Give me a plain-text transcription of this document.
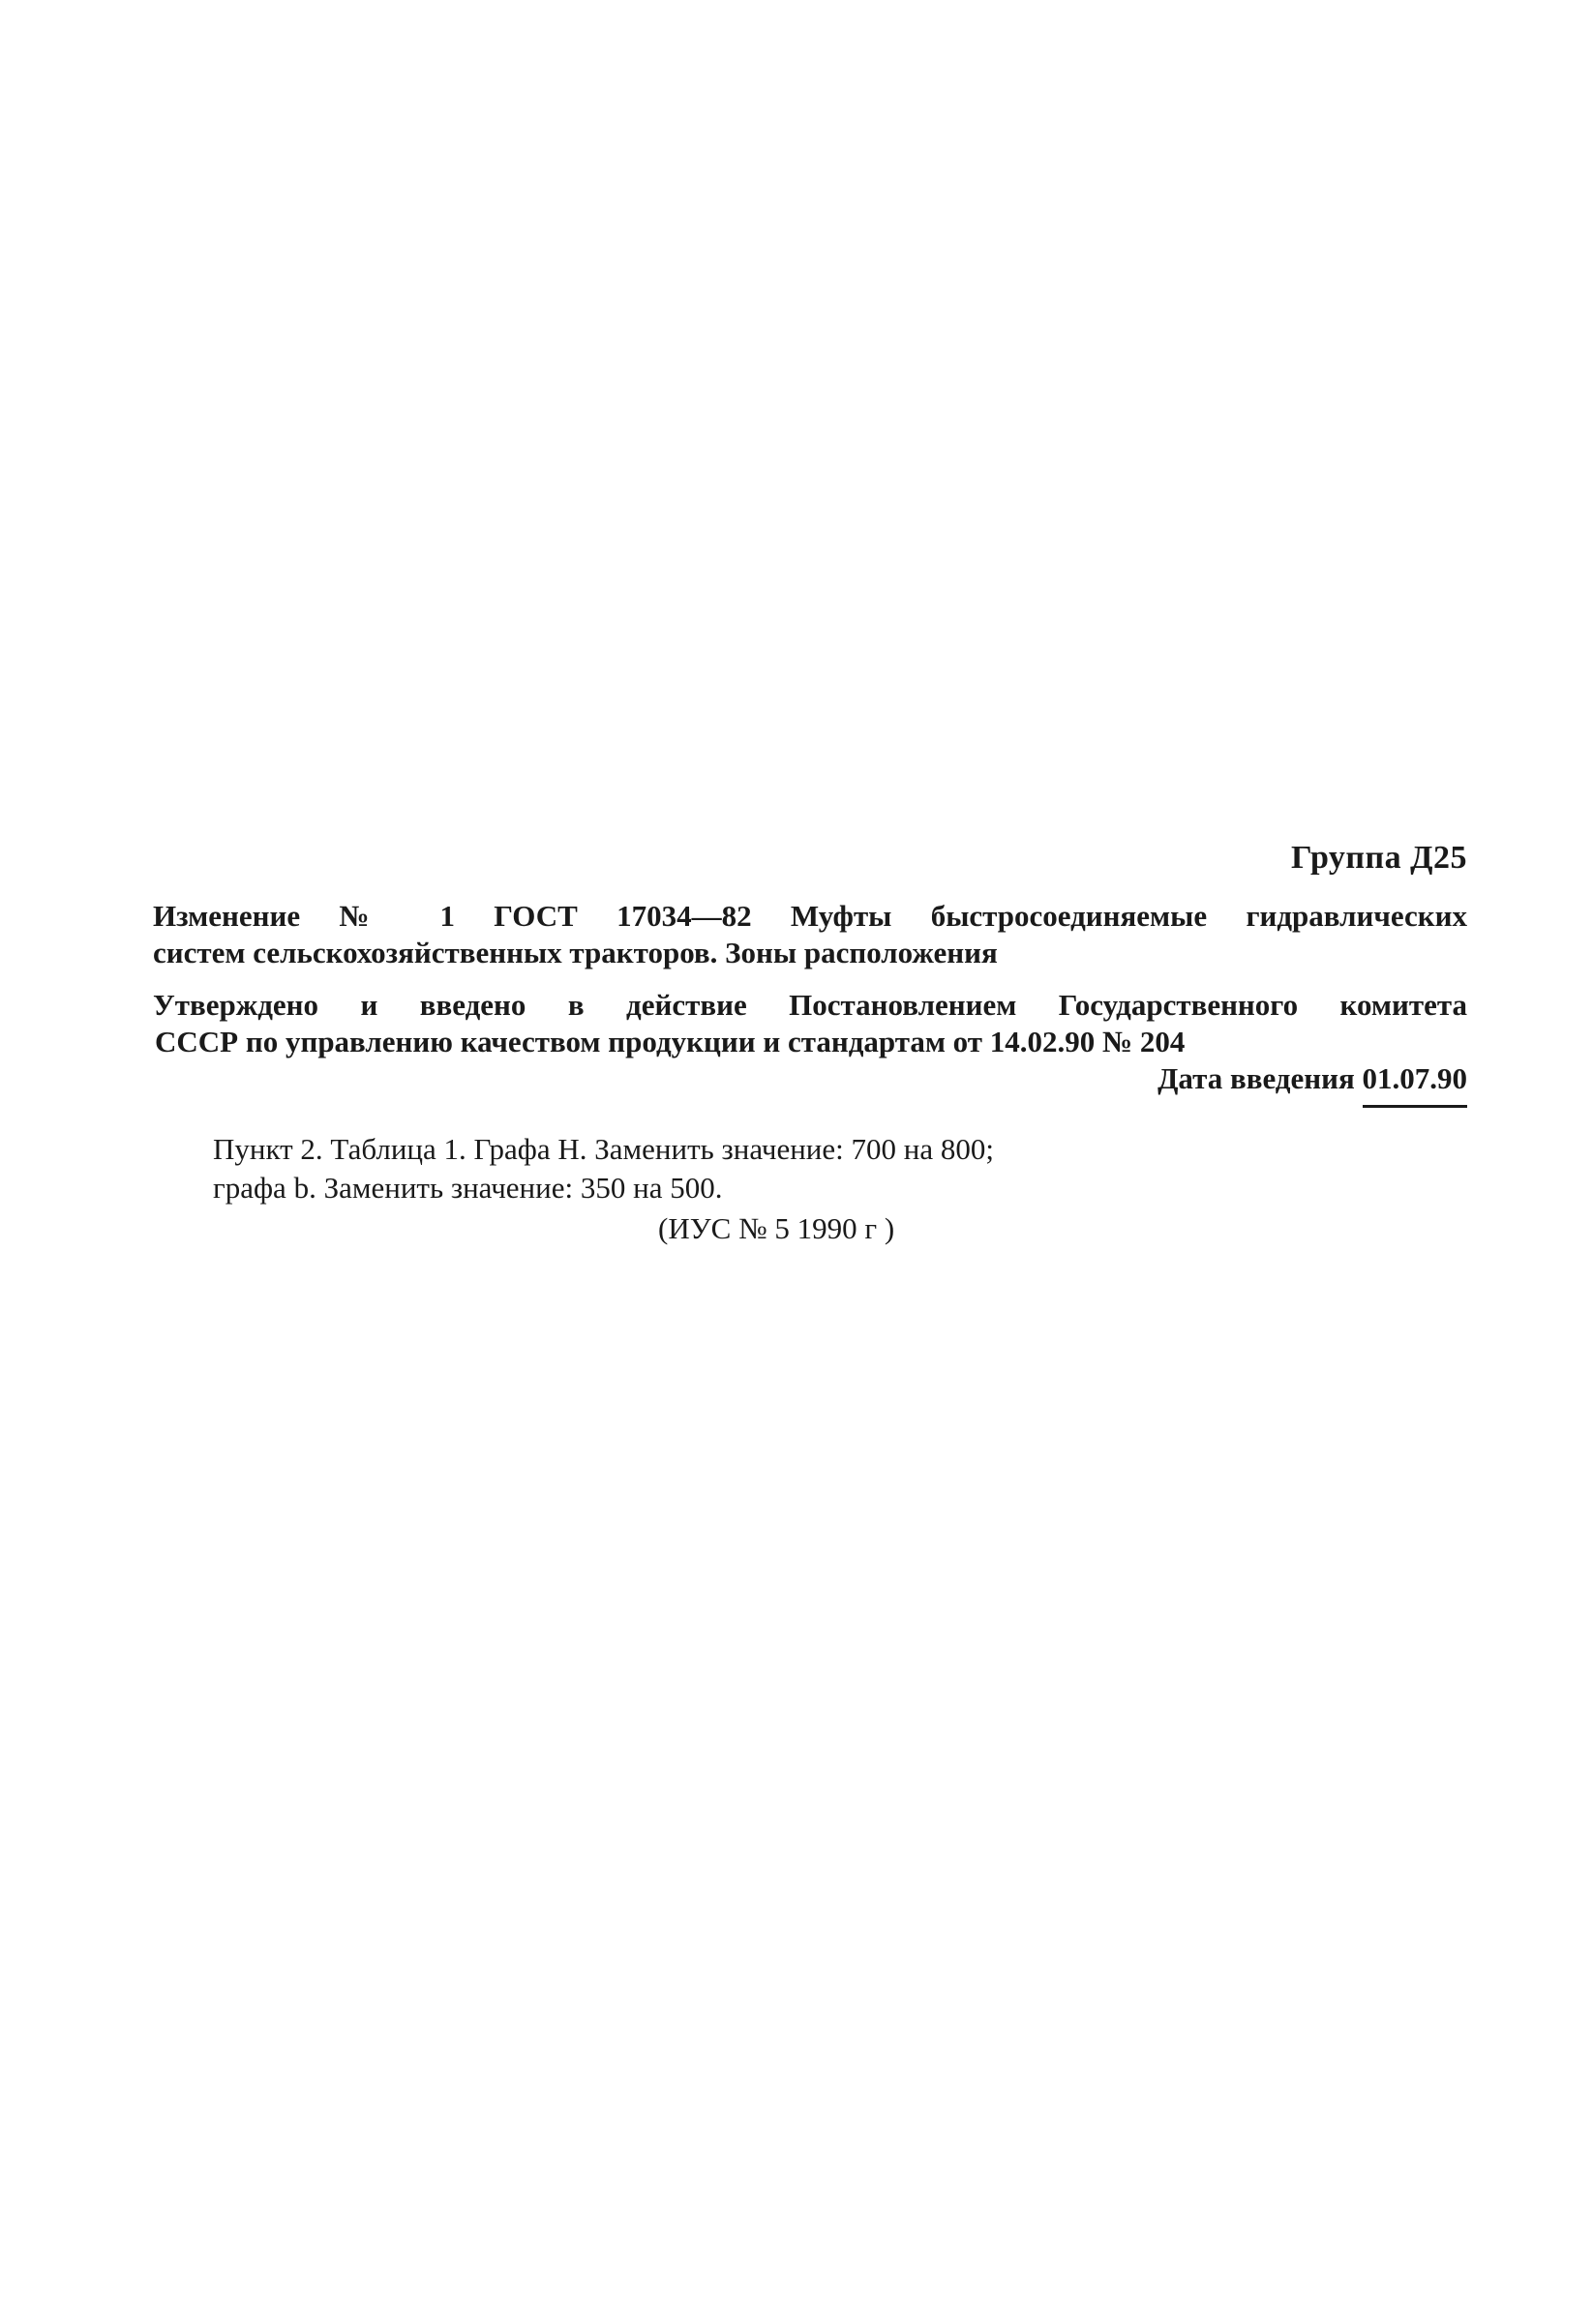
Группа Д25
Изменение № 1 ГОСТ 17034—82 Муфты быстросоединяемые гидравлических
систем сельскохозяйственных тракторов. Зоны расположения
Утверждено и введено в действие Постановлением Государственного комитета
СССР по управлению качеством продукции и стандартам от 14.02.90 № 204
Дата введения 01.07.90
Пункт 2. Таблица 1. Графа H. Заменить значение: 700 на 800;
графа b. Заменить значение: 350 на 500.
(ИУС № 5 1990 г )
